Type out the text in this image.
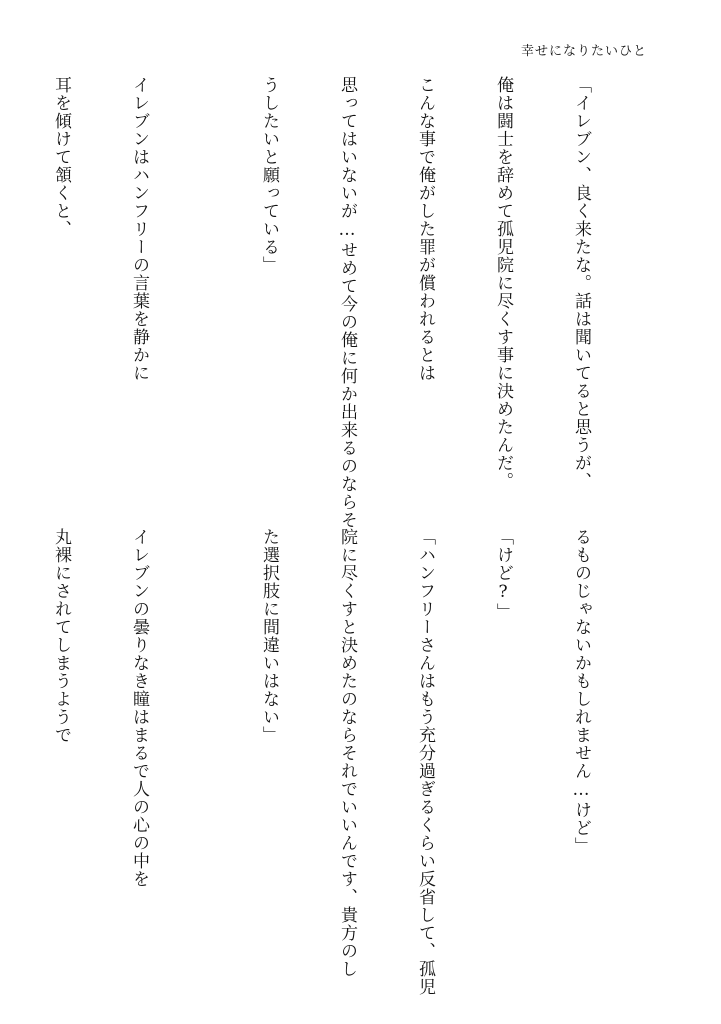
幸せになりたいひと

「イレブン、良く来たな。話は聞いてると思うが、

俺は闘士を辞めて孤児院に尽くす事に決めたんだ。

こんな事で俺がした罪が償われるとは

思ってはいないが…せめて今の俺に何か出来るのならそ

うしたいと願っている」

イレブンはハンフリーの言葉を静かに

耳を傾けて頷くと、

るものじゃないかもしれません…けど」

「けど?」

「ハンフリーさんはもう充分過ぎるくらい反省して、孤児

院に尽くすと決めたのならそれでいいんです、貴方のし

た選択肢に間違いはない」

イレブンの曇りなき瞳はまるで人の心の中を

丸裸にされてしまうようで
